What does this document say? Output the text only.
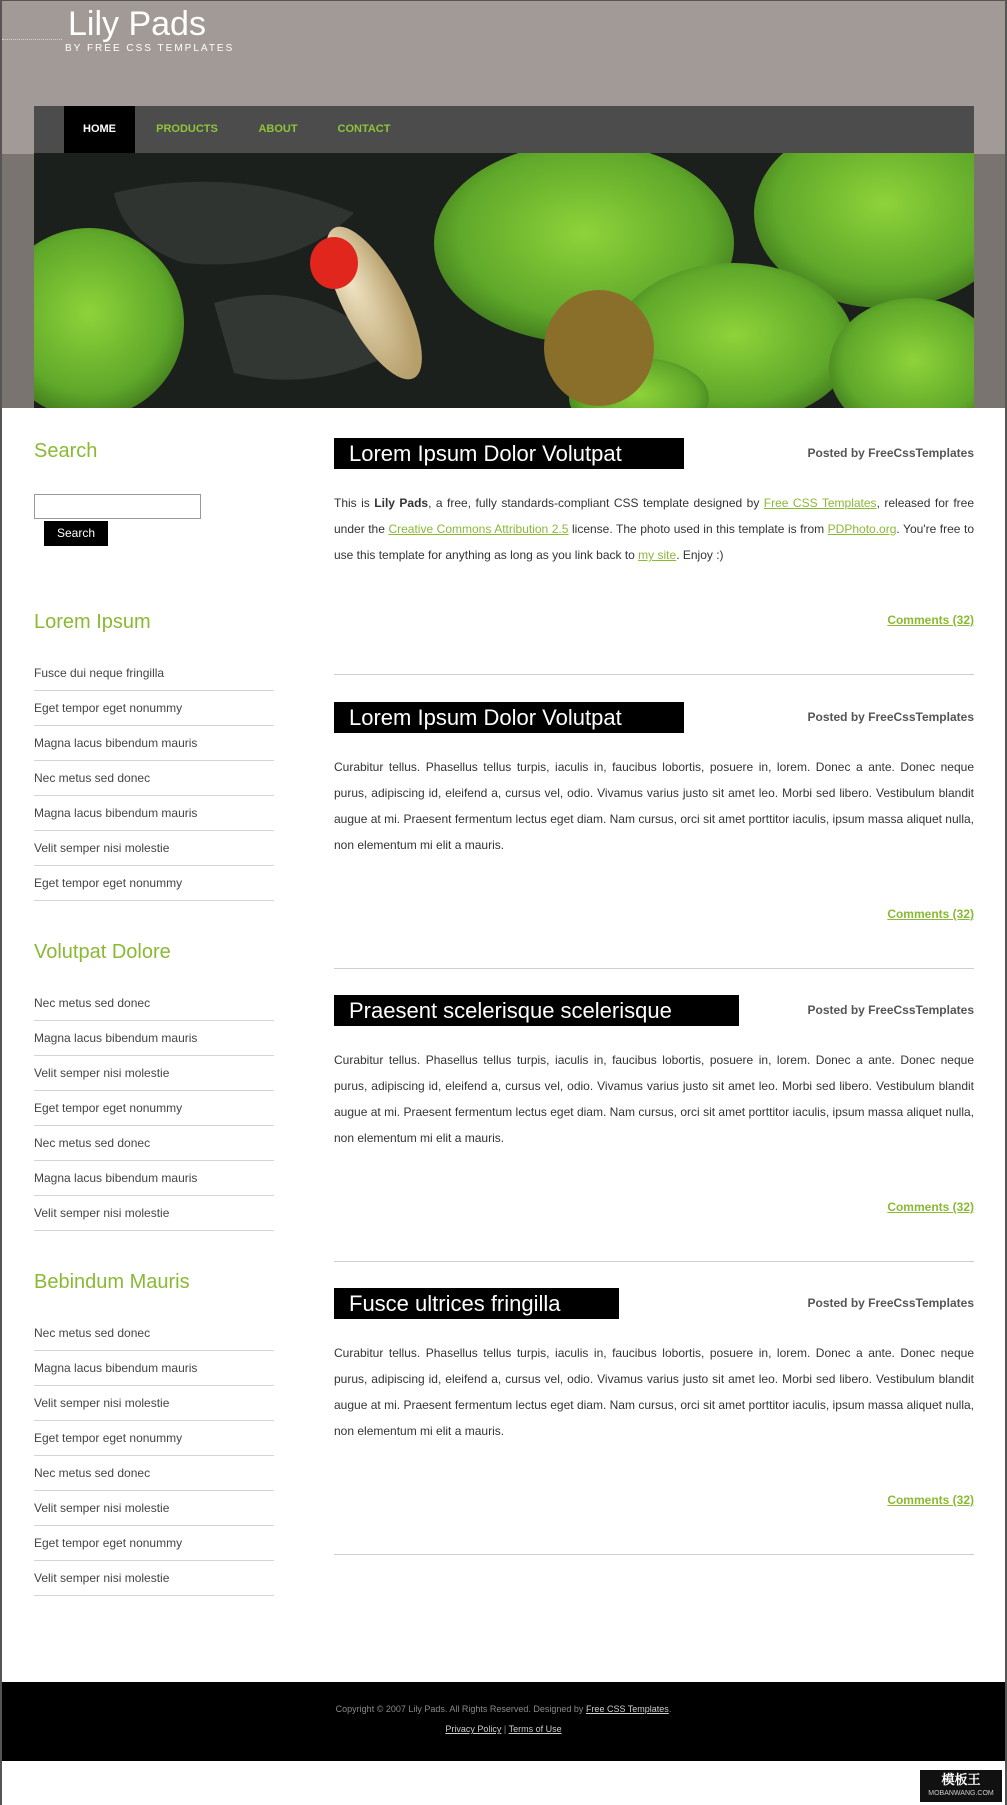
Lily Pads
BY FREE CSS TEMPLATES
HOME	PRODUCTS	ABOUT	CONTACT
Search
Search
Lorem Ipsum
Fusce dui neque fringilla
Eget tempor eget nonummy
Magna lacus bibendum mauris
Nec metus sed donec
Magna lacus bibendum mauris
Velit semper nisi molestie
Eget tempor eget nonummy
Volutpat Dolore
Nec metus sed donec
Magna lacus bibendum mauris
Velit semper nisi molestie
Eget tempor eget nonummy
Nec metus sed donec
Magna lacus bibendum mauris
Velit semper nisi molestie
Bebindum Mauris
Nec metus sed donec
Magna lacus bibendum mauris
Velit semper nisi molestie
Eget tempor eget nonummy
Nec metus sed donec
Velit semper nisi molestie
Eget tempor eget nonummy
Velit semper nisi molestie
Lorem Ipsum Dolor Volutpat	Posted by FreeCssTemplates
This is Lily Pads, a free, fully standards-compliant CSS template designed by Free CSS Templates, released for free under the Creative Commons Attribution 2.5 license. The photo used in this template is from PDPhoto.org. You're free to use this template for anything as long as you link back to my site. Enjoy :)
Comments (32)
Lorem Ipsum Dolor Volutpat	Posted by FreeCssTemplates
Curabitur tellus. Phasellus tellus turpis, iaculis in, faucibus lobortis, posuere in, lorem. Donec a ante. Donec neque purus, adipiscing id, eleifend a, cursus vel, odio. Vivamus varius justo sit amet leo. Morbi sed libero. Vestibulum blandit augue at mi. Praesent fermentum lectus eget diam. Nam cursus, orci sit amet porttitor iaculis, ipsum massa aliquet nulla, non elementum mi elit a mauris.
Comments (32)
Praesent scelerisque scelerisque	Posted by FreeCssTemplates
Curabitur tellus. Phasellus tellus turpis, iaculis in, faucibus lobortis, posuere in, lorem. Donec a ante. Donec neque purus, adipiscing id, eleifend a, cursus vel, odio. Vivamus varius justo sit amet leo. Morbi sed libero. Vestibulum blandit augue at mi. Praesent fermentum lectus eget diam. Nam cursus, orci sit amet porttitor iaculis, ipsum massa aliquet nulla, non elementum mi elit a mauris.
Comments (32)
Fusce ultrices fringilla	Posted by FreeCssTemplates
Curabitur tellus. Phasellus tellus turpis, iaculis in, faucibus lobortis, posuere in, lorem. Donec a ante. Donec neque purus, adipiscing id, eleifend a, cursus vel, odio. Vivamus varius justo sit amet leo. Morbi sed libero. Vestibulum blandit augue at mi. Praesent fermentum lectus eget diam. Nam cursus, orci sit amet porttitor iaculis, ipsum massa aliquet nulla, non elementum mi elit a mauris.
Comments (32)
Copyright © 2007 Lily Pads. All Rights Reserved. Designed by Free CSS Templates.
Privacy Policy | Terms of Use
模板王
MOBANWANG.COM
